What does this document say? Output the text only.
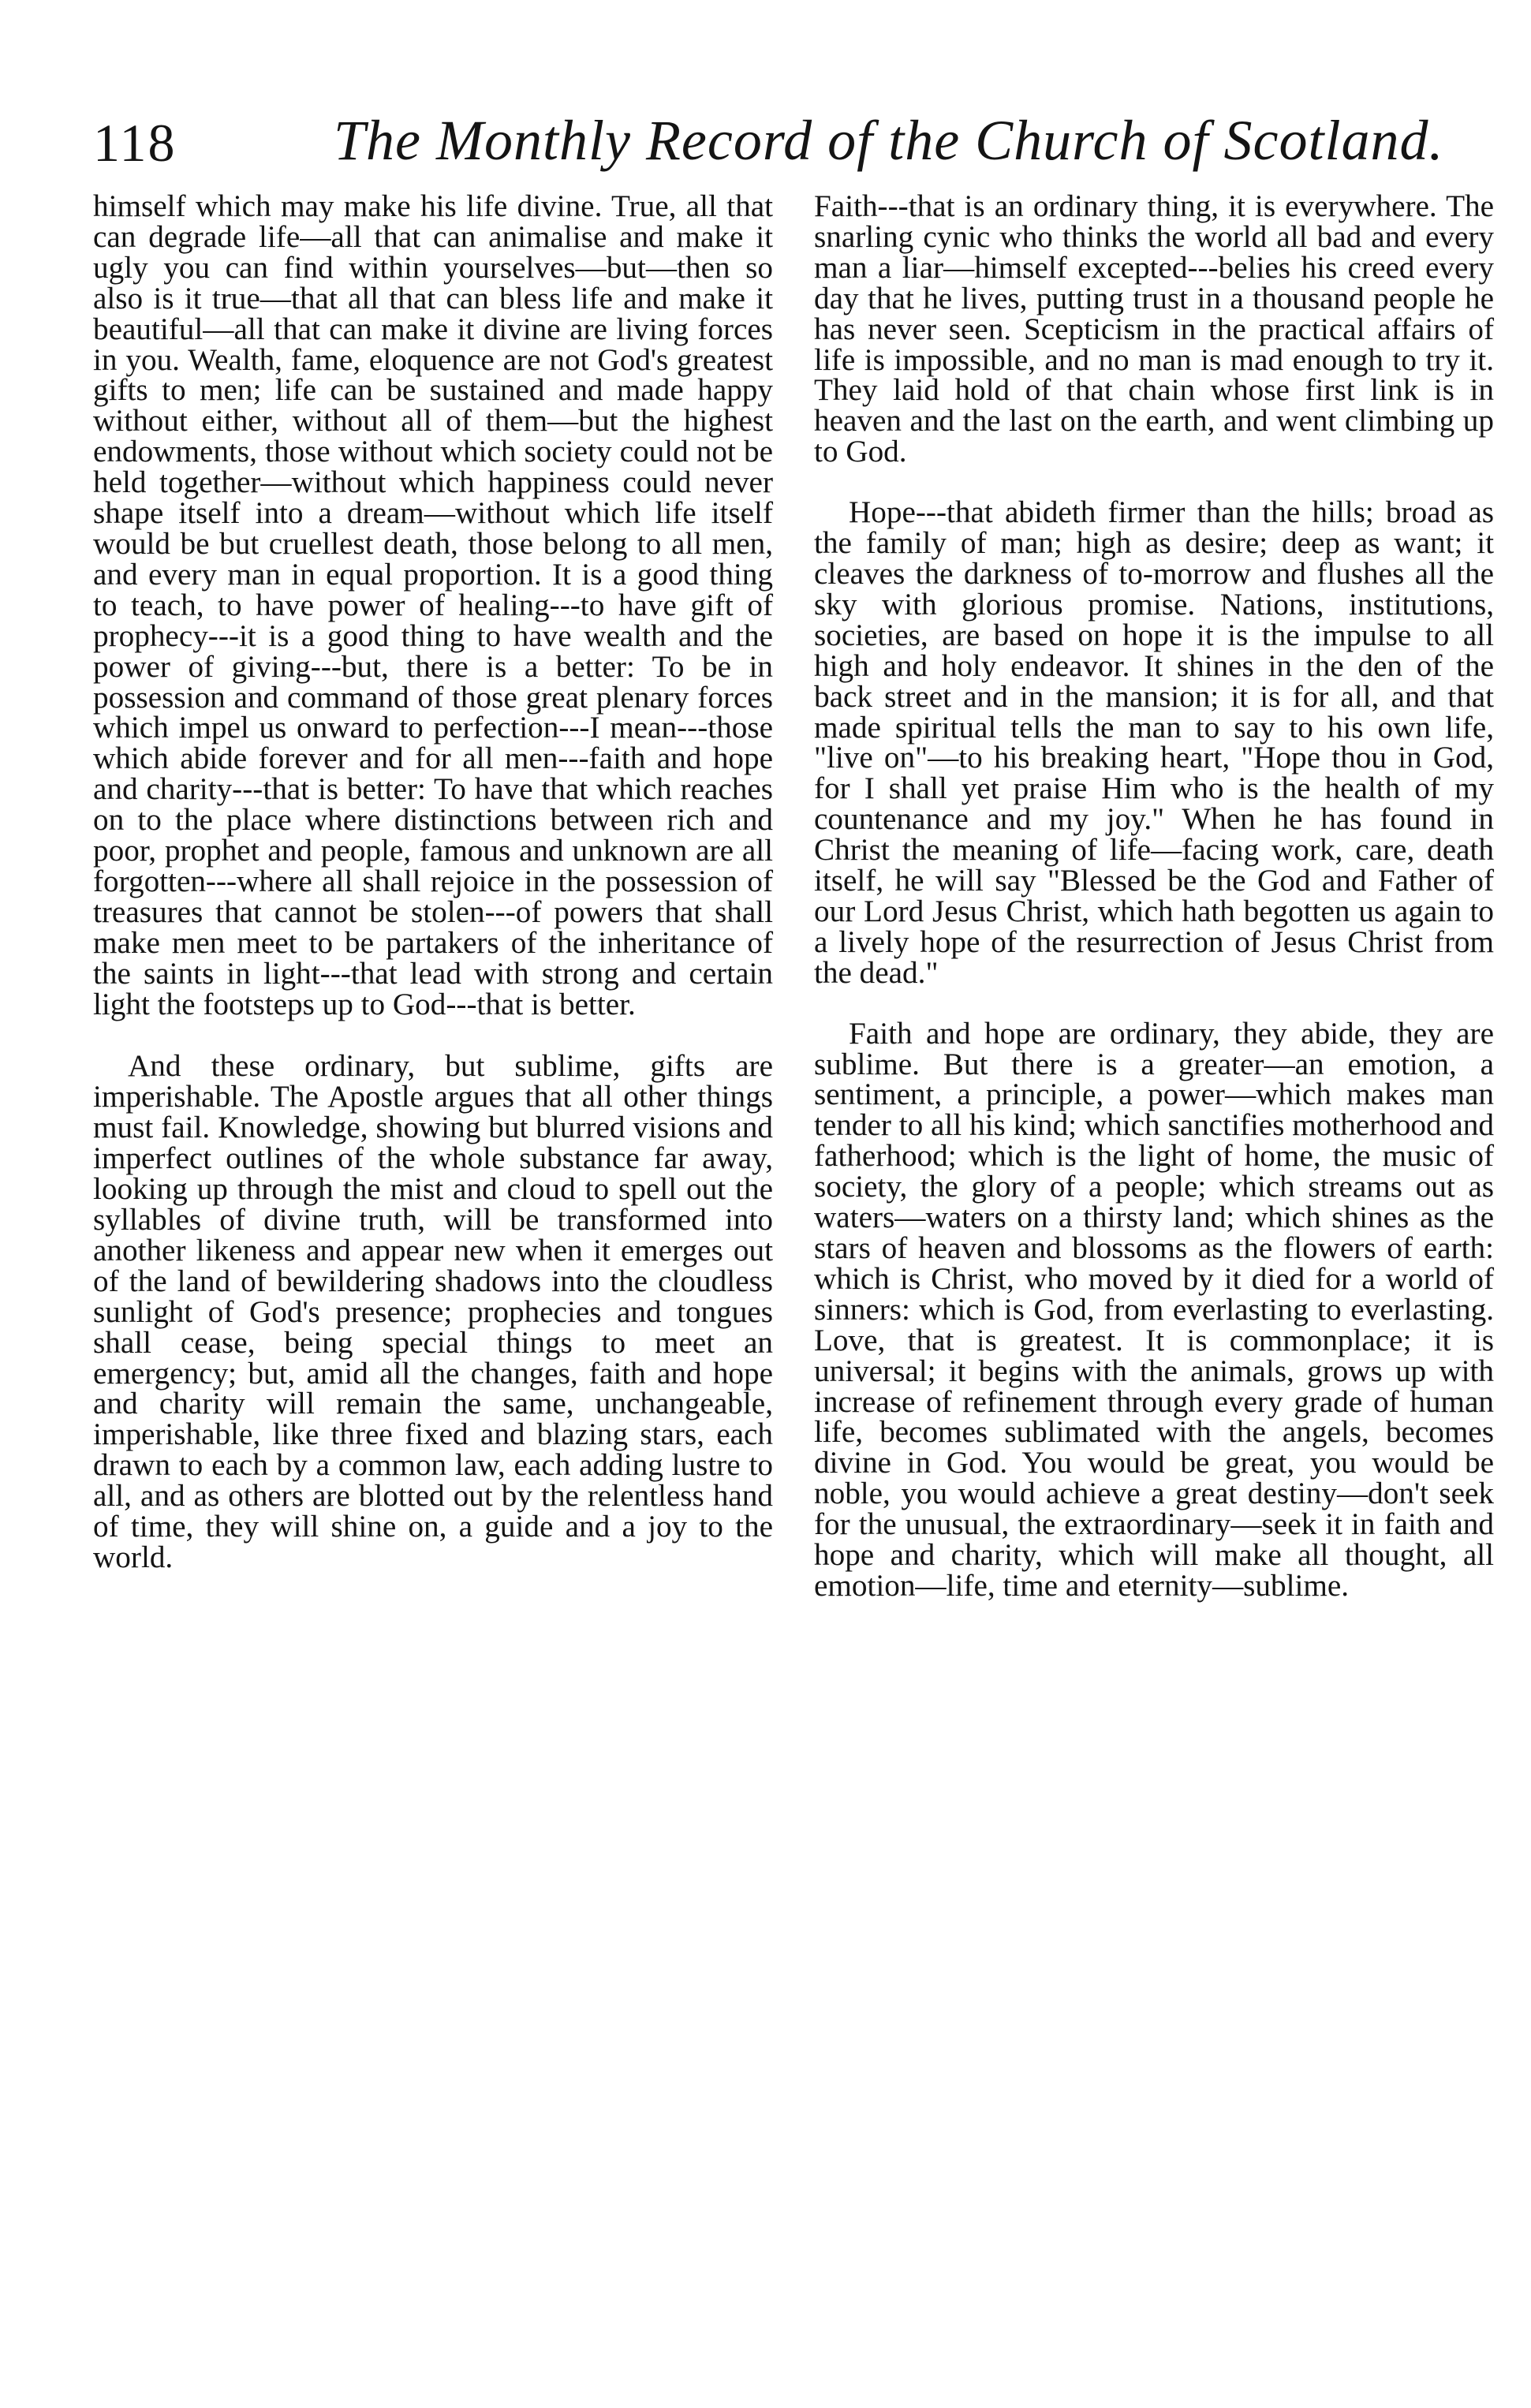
118	The Monthly Record of the Church of Scotland.

himself which may make his life divine. True, all that can degrade life—all that can animalise and make it ugly you can find within yourselves—but—then so also is it true—that all that can bless life and make it beautiful—all that can make it divine are living forces in you. Wealth, fame, eloquence are not God's greatest gifts to men; life can be sustained and made happy without either, without all of them—but the highest endowments, those without which society could not be held together—without which happiness could never shape itself into a dream—without which life itself would be but cruellest death, those belong to all men, and every man in equal proportion. It is a good thing to teach, to have power of healing---to have gift of prophecy---it is a good thing to have wealth and the power of giving---but, there is a better: To be in possession and command of those great plenary forces which impel us onward to perfection---I mean---those which abide forever and for all men---faith and hope and charity---that is better: To have that which reaches on to the place where distinctions between rich and poor, prophet and people, famous and unknown are all forgotten---where all shall rejoice in the possession of treasures that cannot be stolen---of powers that shall make men meet to be partakers of the inheritance of the saints in light---that lead with strong and certain light the footsteps up to God---that is better.

And these ordinary, but sublime, gifts are imperishable. The Apostle argues that all other things must fail. Knowledge, showing but blurred visions and imperfect outlines of the whole substance far away, looking up through the mist and cloud to spell out the syllables of divine truth, will be transformed into another likeness and appear new when it emerges out of the land of bewildering shadows into the cloudless sunlight of God's presence; prophecies and tongues shall cease, being special things to meet an emergency; but, amid all the changes, faith and hope and charity will remain the same, unchangeable, imperishable, like three fixed and blazing stars, each drawn to each by a common law, each adding lustre to all, and as others are blotted out by the relentless hand of time, they will shine on, a guide and a joy to the world.

Faith---that is an ordinary thing, it is everywhere. The snarling cynic who thinks the world all bad and every man a liar—himself excepted---belies his creed every day that he lives, putting trust in a thousand people he has never seen. Scepticism in the practical affairs of life is impossible, and no man is mad enough to try it. They laid hold of that chain whose first link is in heaven and the last on the earth, and went climbing up to God.

Hope---that abideth firmer than the hills; broad as the family of man; high as desire; deep as want; it cleaves the darkness of to-morrow and flushes all the sky with glorious promise. Nations, institutions, societies, are based on hope it is the impulse to all high and holy endeavor. It shines in the den of the back street and in the mansion; it is for all, and that made spiritual tells the man to say to his own life, "live on"—to his breaking heart, "Hope thou in God, for I shall yet praise Him who is the health of my countenance and my joy." When he has found in Christ the meaning of life—facing work, care, death itself, he will say "Blessed be the God and Father of our Lord Jesus Christ, which hath begotten us again to a lively hope of the resurrection of Jesus Christ from the dead."

Faith and hope are ordinary, they abide, they are sublime. But there is a greater—an emotion, a sentiment, a principle, a power—which makes man tender to all his kind; which sanctifies motherhood and fatherhood; which is the light of home, the music of society, the glory of a people; which streams out as waters—waters on a thirsty land; which shines as the stars of heaven and blossoms as the flowers of earth: which is Christ, who moved by it died for a world of sinners: which is God, from everlasting to everlasting. Love, that is greatest. It is commonplace; it is universal; it begins with the animals, grows up with increase of refinement through every grade of human life, becomes sublimated with the angels, becomes divine in God. You would be great, you would be noble, you would achieve a great destiny—don't seek for the unusual, the extraordinary—seek it in faith and hope and charity, which will make all thought, all emotion—life, time and eternity—sublime.
